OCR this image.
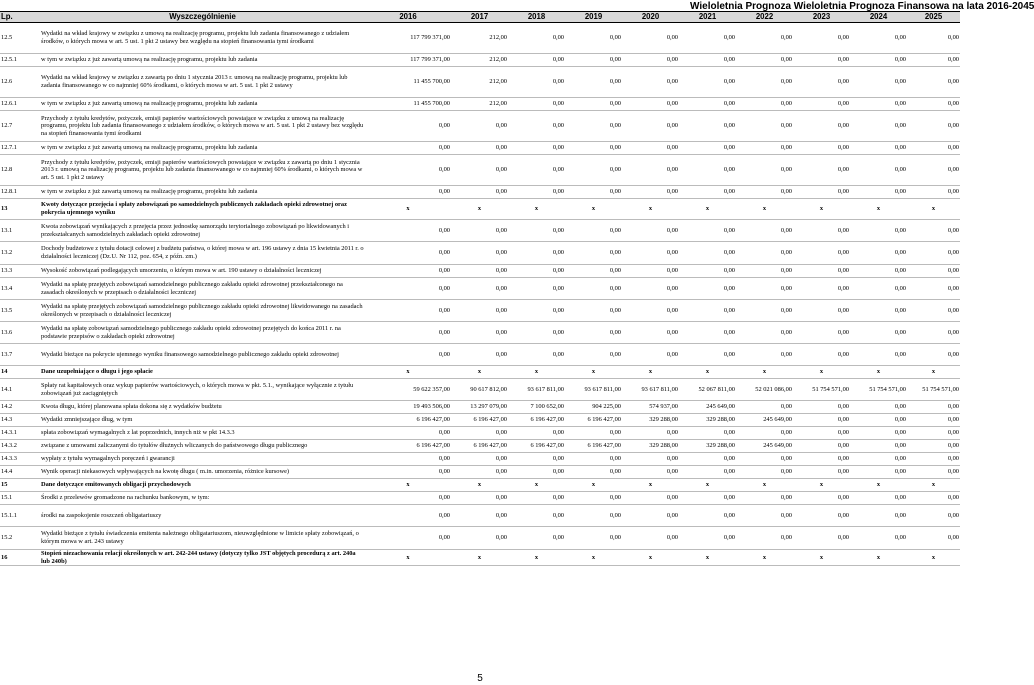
Wieloletnia Prognoza Wieloletnia Prognoza Finansowa na lata 2016-2045
Lp.	Wyszczególnienie	2016	2017	2018	2019	2020	2021	2022	2023	2024	2025
12.5	Wydatki na wkład krajowy w związku z umową na realizację programu, projektu lub zadania finansowanego z udziałem środków, o których mowa w art. 5 ust. 1 pkt 2 ustawy bez względu na stopień finansowania tymi środkami	117 799 371,00	212,00	0,00	0,00	0,00	0,00	0,00	0,00	0,00	0,00
12.5.1	w tym w związku z już zawartą umową na realizację programu, projektu lub zadania	117 799 371,00	212,00	0,00	0,00	0,00	0,00	0,00	0,00	0,00	0,00
12.6	Wydatki na wkład krajowy w związku z zawartą po dniu 1 stycznia 2013 r. umową na realizację programu, projektu lub zadania finansowanego w co najmniej 60% środkami, o których mowa w art. 5 ust. 1 pkt 2 ustawy	11 455 700,00	212,00	0,00	0,00	0,00	0,00	0,00	0,00	0,00	0,00
12.6.1	w tym w związku z już zawartą umową na realizację programu, projektu lub zadania	11 455 700,00	212,00	0,00	0,00	0,00	0,00	0,00	0,00	0,00	0,00
12.7	Przychody z tytułu kredytów, pożyczek, emisji papierów wartościowych powstające w związku z umową na realizację programu, projektu lub zadania finansowanego z udziałem środków, o których mowa w art. 5 ust. 1 pkt 2 ustawy bez względu na stopień finansowania tymi środkami	0,00	0,00	0,00	0,00	0,00	0,00	0,00	0,00	0,00	0,00
12.7.1	w tym w związku z już zawartą umową na realizację programu, projektu lub zadania	0,00	0,00	0,00	0,00	0,00	0,00	0,00	0,00	0,00	0,00
12.8	Przychody z tytułu kredytów, pożyczek, emisji papierów wartościowych powstające w związku z zawartą po dniu 1 stycznia 2013 r. umową na realizację programu, projektu lub zadania finansowanego w co najmniej 60% środkami, o których mowa w art. 5 ust. 1 pkt 2 ustawy	0,00	0,00	0,00	0,00	0,00	0,00	0,00	0,00	0,00	0,00
12.8.1	w tym w związku z już zawartą umową na realizację programu, projektu lub zadania	0,00	0,00	0,00	0,00	0,00	0,00	0,00	0,00	0,00	0,00
13	Kwoty dotyczące przejęcia i spłaty zobowiązań po samodzielnych publicznych zakładach opieki zdrowotnej oraz pokrycia ujemnego wyniku	x	x	x	x	x	x	x	x	x	x
13.1	Kwota zobowiązań wynikających z przejęcia przez jednostkę samorządu terytorialnego zobowiązań po likwidowanych i przekształcanych samodzielnych zakładach opieki zdrowotnej	0,00	0,00	0,00	0,00	0,00	0,00	0,00	0,00	0,00	0,00
13.2	Dochody budżetowe z tytułu dotacji celowej z budżetu państwa, o której mowa w art. 196 ustawy z dnia 15 kwietnia 2011 r. o działalności leczniczej (Dz.U. Nr 112, poz. 654, z późn. zm.)	0,00	0,00	0,00	0,00	0,00	0,00	0,00	0,00	0,00	0,00
13.3	Wysokość zobowiązań podlegających umorzeniu, o którym mowa w art. 190 ustawy o działalności leczniczej	0,00	0,00	0,00	0,00	0,00	0,00	0,00	0,00	0,00	0,00
13.4	Wydatki na spłatę przejętych zobowiązań samodzielnego publicznego zakładu opieki zdrowotnej przekształconego na zasadach określonych w przepisach o działalności leczniczej	0,00	0,00	0,00	0,00	0,00	0,00	0,00	0,00	0,00	0,00
13.5	Wydatki na spłatę przejętych zobowiązań samodzielnego publicznego zakładu opieki zdrowotnej likwidowanego na zasadach określonych w przepisach o działalności leczniczej	0,00	0,00	0,00	0,00	0,00	0,00	0,00	0,00	0,00	0,00
13.6	Wydatki na spłatę zobowiązań samodzielnego publicznego zakładu opieki zdrowotnej przejętych do końca 2011 r. na podstawie przepisów o zakładach opieki zdrowotnej	0,00	0,00	0,00	0,00	0,00	0,00	0,00	0,00	0,00	0,00
13.7	Wydatki bieżące na pokrycie ujemnego wyniku finansowego samodzielnego publicznego zakładu opieki zdrowotnej	0,00	0,00	0,00	0,00	0,00	0,00	0,00	0,00	0,00	0,00
14	Dane uzupełniające o długu i jego spłacie	x	x	x	x	x	x	x	x	x	x
14.1	Spłaty rat kapitałowych oraz wykup papierów wartościowych, o których mowa w pkt. 5.1., wynikające wyłącznie z tytułu zobowiązań już zaciągniętych	59 622 357,00	90 617 812,00	93 617 811,00	93 617 811,00	93 617 811,00	52 067 811,00	52 021 086,00	51 754 571,00	51 754 571,00	51 754 571,00
14.2	Kwota długu, której planowana spłata dokona się z wydatków budżetu	19 493 506,00	13 297 079,00	7 100 652,00	904 225,00	574 937,00	245 649,00	0,00	0,00	0,00	0,00
14.3	Wydatki zmniejszające dług, w tym	6 196 427,00	6 196 427,00	6 196 427,00	6 196 427,00	329 288,00	329 288,00	245 649,00	0,00	0,00	0,00
14.3.1	spłata zobowiązań wymagalnych z lat poprzednich, innych niż w pkt 14.3.3	0,00	0,00	0,00	0,00	0,00	0,00	0,00	0,00	0,00	0,00
14.3.2	związane z umowami zaliczanymi do tytułów dłużnych wliczanych do państwowego długu publicznego	6 196 427,00	6 196 427,00	6 196 427,00	6 196 427,00	329 288,00	329 288,00	245 649,00	0,00	0,00	0,00
14.3.3	wypłaty z tytułu wymagalnych poręczeń i gwarancji	0,00	0,00	0,00	0,00	0,00	0,00	0,00	0,00	0,00	0,00
14.4	Wynik operacji niekasowych wpływających na kwotę długu ( m.in. umorzenia, różnice kursowe)	0,00	0,00	0,00	0,00	0,00	0,00	0,00	0,00	0,00	0,00
15	Dane dotyczące emitowanych obligacji przychodowych	x	x	x	x	x	x	x	x	x	x
15.1	Środki z przelewów gromadzone na rachunku bankowym, w tym:	0,00	0,00	0,00	0,00	0,00	0,00	0,00	0,00	0,00	0,00
15.1.1	środki na zaspokojenie roszczeń obligatariuszy	0,00	0,00	0,00	0,00	0,00	0,00	0,00	0,00	0,00	0,00
15.2	Wydatki bieżące z tytułu świadczenia emitenta należnego obligatariuszom, nieuwzględnione w limicie spłaty zobowiązań, o którym mowa w art. 243 ustawy	0,00	0,00	0,00	0,00	0,00	0,00	0,00	0,00	0,00	0,00
16	Stopień niezachowania relacji określonych w art. 242-244 ustawy (dotyczy tylko JST objętych procedurą z art. 240a lub 240b)	x	x	x	x	x	x	x	x	x	x
5
